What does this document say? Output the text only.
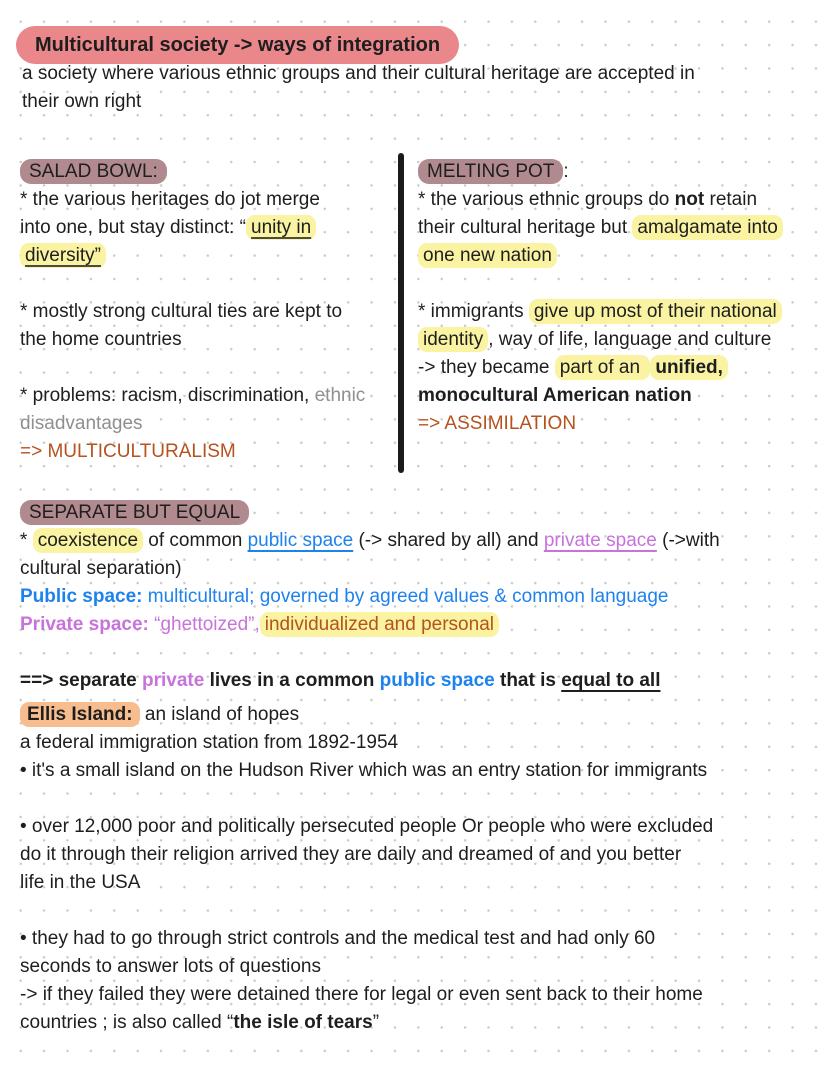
Multicultural society -> ways of integration
a society where various ethnic groups and their cultural heritage are accepted in
their own right
SALAD BOWL:
* the various heritages do jot merge
into one, but stay distinct: “ unity in
diversity”
* mostly strong cultural ties are kept to
the home countries
* problems: racism, discrimination, ethnic
disadvantages
=> MULTICULTURALISM
MELTING POT :
* the various ethnic groups do not retain
their cultural heritage but amalgamate into
one new nation
* immigrants give up most of their national
identity , way of life, language and culture
-> they became part of an unified,
monocultural American nation
=> ASSIMILATION
SEPARATE BUT EQUAL
* coexistence of common public space (-> shared by all) and private space (->with
cultural separation)
Public space: multicultural; governed by agreed values & common language
Private space: “ghettoized”, individualized and personal
==> separate private lives in a common public space that is equal to all
Ellis Island: an island of hopes
a federal immigration station from 1892-1954
• it's a small island on the Hudson River which was an entry station for immigrants
• over 12,000 poor and politically persecuted people Or people who were excluded
do it through their religion arrived they are daily and dreamed of and you better
life in the USA
• they had to go through strict controls and the medical test and had only 60
seconds to answer lots of questions
-> if they failed they were detained there for legal or even sent back to their home
countries ; is also called “the isle of tears”
